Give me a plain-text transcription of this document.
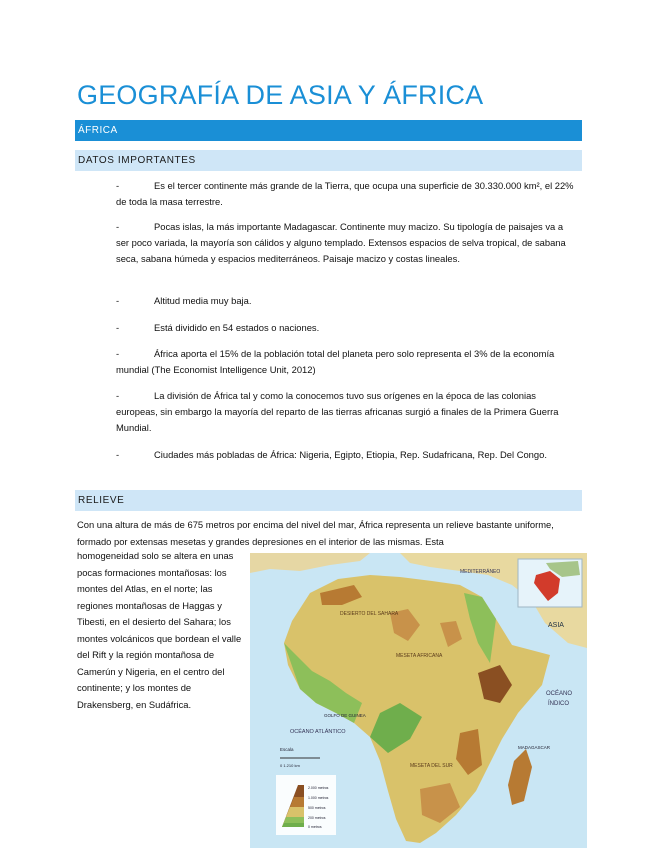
GEOGRAFÍA DE ASIA Y ÁFRICA
ÁFRICA
DATOS IMPORTANTES
-	Es el tercer continente más grande de la Tierra, que ocupa una superficie de 30.330.000 km², el 22% de toda la masa terrestre.
-	Pocas islas, la más importante Madagascar. Continente muy macizo. Su tipología de paisajes va a ser poco variada, la mayoría son cálidos y alguno templado. Extensos espacios de selva tropical, de sabana seca, sabana húmeda y espacios mediterráneos. Paisaje macizo y costas lineales.
-	Altitud media muy baja.
-	Está dividido en 54 estados o naciones.
-	África aporta el 15% de la población total del planeta pero solo representa el 3% de la economía mundial (The Economist Intelligence Unit, 2012)
-	La división de África tal y como la conocemos tuvo sus orígenes en la época de las colonias europeas, sin embargo la mayoría del reparto de las tierras africanas surgió a finales de la Primera Guerra Mundial.
-	Ciudades más pobladas de África: Nigeria, Egipto, Etiopia, Rep. Sudafricana, Rep. Del Congo.
RELIEVE
Con una altura de más de 675 metros por encima del nivel del mar, África representa un relieve bastante uniforme, formado por extensas mesetas y grandes depresiones en el interior de las mismas. Esta
homogeneidad solo se altera en unas pocas formaciones montañosas: los montes del Atlas, en el norte; las regiones montañosas de Haggas y Tibesti, en el desierto del Sahara; los montes volcánicos que bordean el valle del Rift y la región montañosa de Camerún y Nigeria, en el centro del continente; y los montes de Drakensberg, en Sudáfrica.
ASIA
MEDITERRÁNEO
OCÉANO ATLÁNTICO
OCÉANO
ÍNDICO
DESIERTO DEL SAHARA
MESETA AFRICANA
MESETA DEL SUR
MADAGASCAR
GOLFO DE GUINEA
Escala
0 1.210 km
2.000 metros
1.000 metros
500 metros
200 metros
0 metros
